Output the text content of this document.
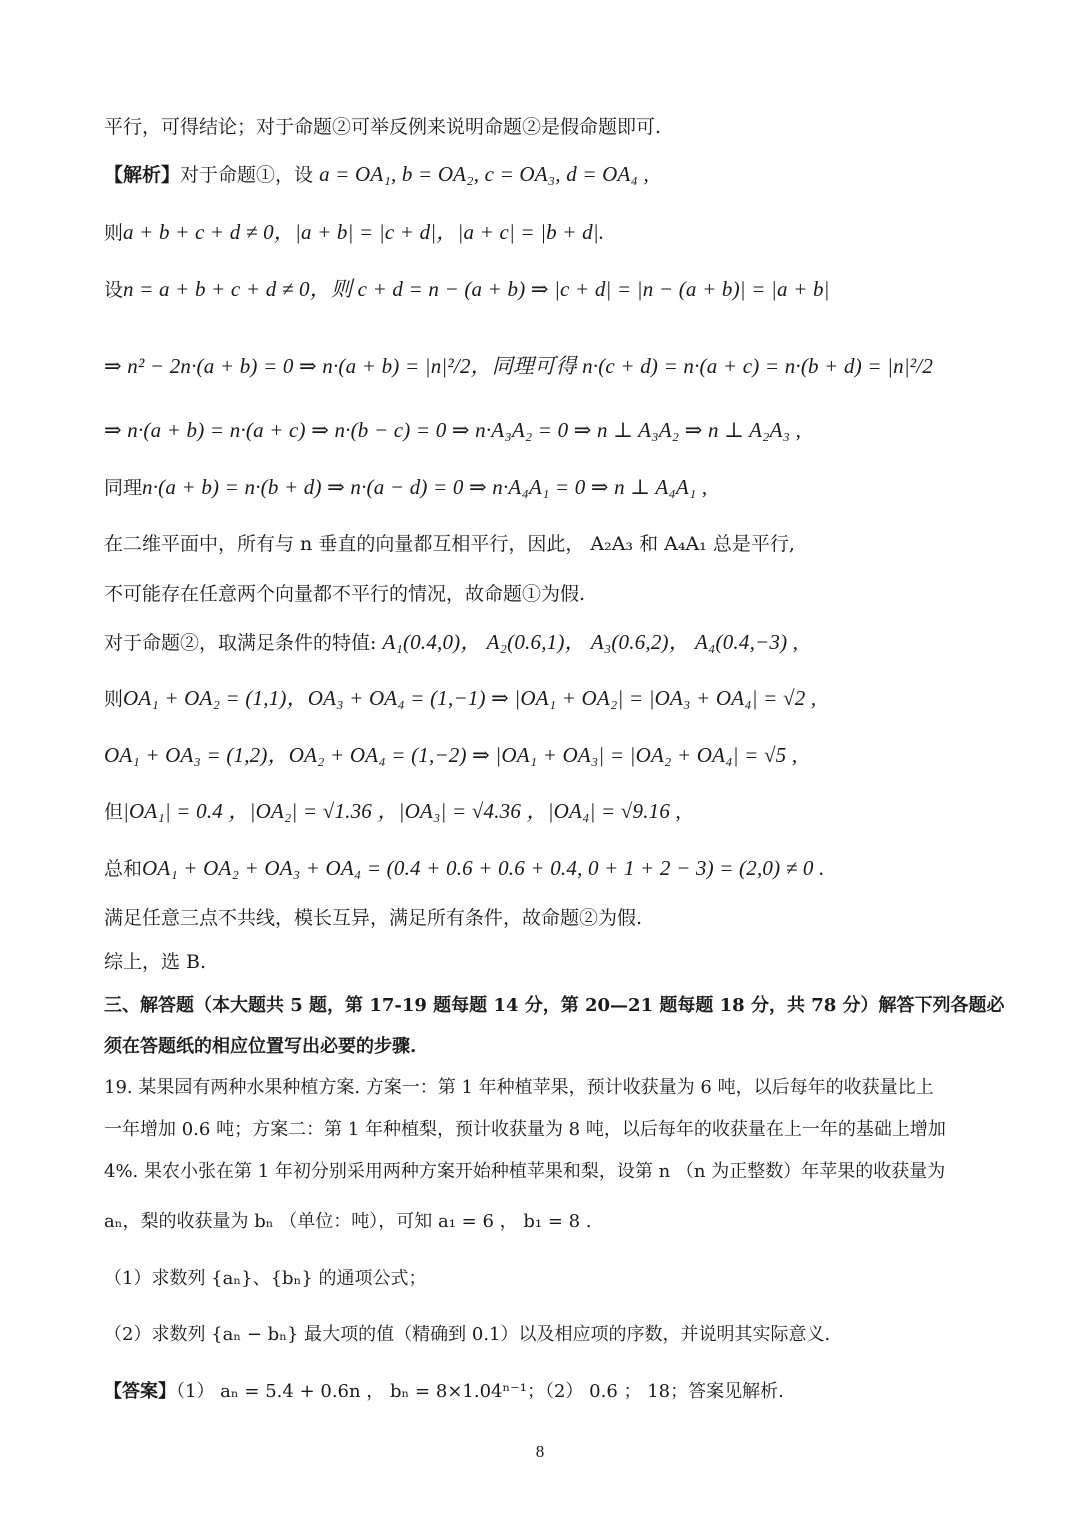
平行，可得结论；对于命题②可举反例来说明命题②是假命题即可.
【解析】对于命题①，设 a = OA₁, b = OA₂, c = OA₃, d = OA₄ ,
则a + b + c + d ≠ 0，|a + b| = |c + d|，|a + c| = |b + d|.
设n = a + b + c + d ≠ 0，则 c + d = n − (a + b) ⇒ |c + d| = |n − (a + b)| = |a + b|
⇒ n² − 2n·(a + b) = 0 ⇒ n·(a + b) = |n|²/2，同理可得 n·(c + d) = n·(a + c) = n·(b + d) = |n|²/2
⇒ n·(a + b) = n·(a + c) ⇒ n·(b − c) = 0 ⇒ n·A₃A₂ = 0 ⇒ n ⊥ A₃A₂ ⇒ n ⊥ A₂A₃ ,
同理n·(a + b) = n·(b + d) ⇒ n·(a − d) = 0 ⇒ n·A₄A₁ = 0 ⇒ n ⊥ A₄A₁ ,
在二维平面中，所有与 n 垂直的向量都互相平行，因此， A₂A₃ 和 A₄A₁ 总是平行,
不可能存在任意两个向量都不平行的情况，故命题①为假.
对于命题②，取满足条件的特值: A₁(0.4,0)， A₂(0.6,1)， A₃(0.6,2)， A₄(0.4,−3) ,
则OA₁ + OA₂ = (1,1)，OA₃ + OA₄ = (1,−1) ⇒ |OA₁ + OA₂| = |OA₃ + OA₄| = √2 ,
OA₁ + OA₃ = (1,2)，OA₂ + OA₄ = (1,−2) ⇒ |OA₁ + OA₃| = |OA₂ + OA₄| = √5 ,
但|OA₁| = 0.4 ，|OA₂| = √1.36 ，|OA₃| = √4.36 ，|OA₄| = √9.16 ,
总和OA₁ + OA₂ + OA₃ + OA₄ = (0.4 + 0.6 + 0.6 + 0.4, 0 + 1 + 2 − 3) = (2,0) ≠ 0 .
满足任意三点不共线，模长互异，满足所有条件，故命题②为假.
综上，选 B.
三、解答题（本大题共 5 题，第 17-19 题每题 14 分，第 20—21 题每题 18 分，共 78 分）解答下列各题必
须在答题纸的相应位置写出必要的步骤.
19. 某果园有两种水果种植方案. 方案一：第 1 年种植苹果，预计收获量为 6 吨，以后每年的收获量比上
一年增加 0.6 吨；方案二：第 1 年种植梨，预计收获量为 8 吨，以后每年的收获量在上一年的基础上增加
4%. 果农小张在第 1 年初分别采用两种方案开始种植苹果和梨，设第 n （n 为正整数）年苹果的收获量为
aₙ，梨的收获量为 bₙ （单位：吨），可知 a₁ = 6 ， b₁ = 8 .
（1）求数列 {aₙ}、{bₙ} 的通项公式；
（2）求数列 {aₙ − bₙ} 最大项的值（精确到 0.1）以及相应项的序数，并说明其实际意义.
【答案】（1） aₙ = 5.4 + 0.6n ， bₙ = 8×1.04ⁿ⁻¹；（2） 0.6 ； 18；答案见解析.
8
